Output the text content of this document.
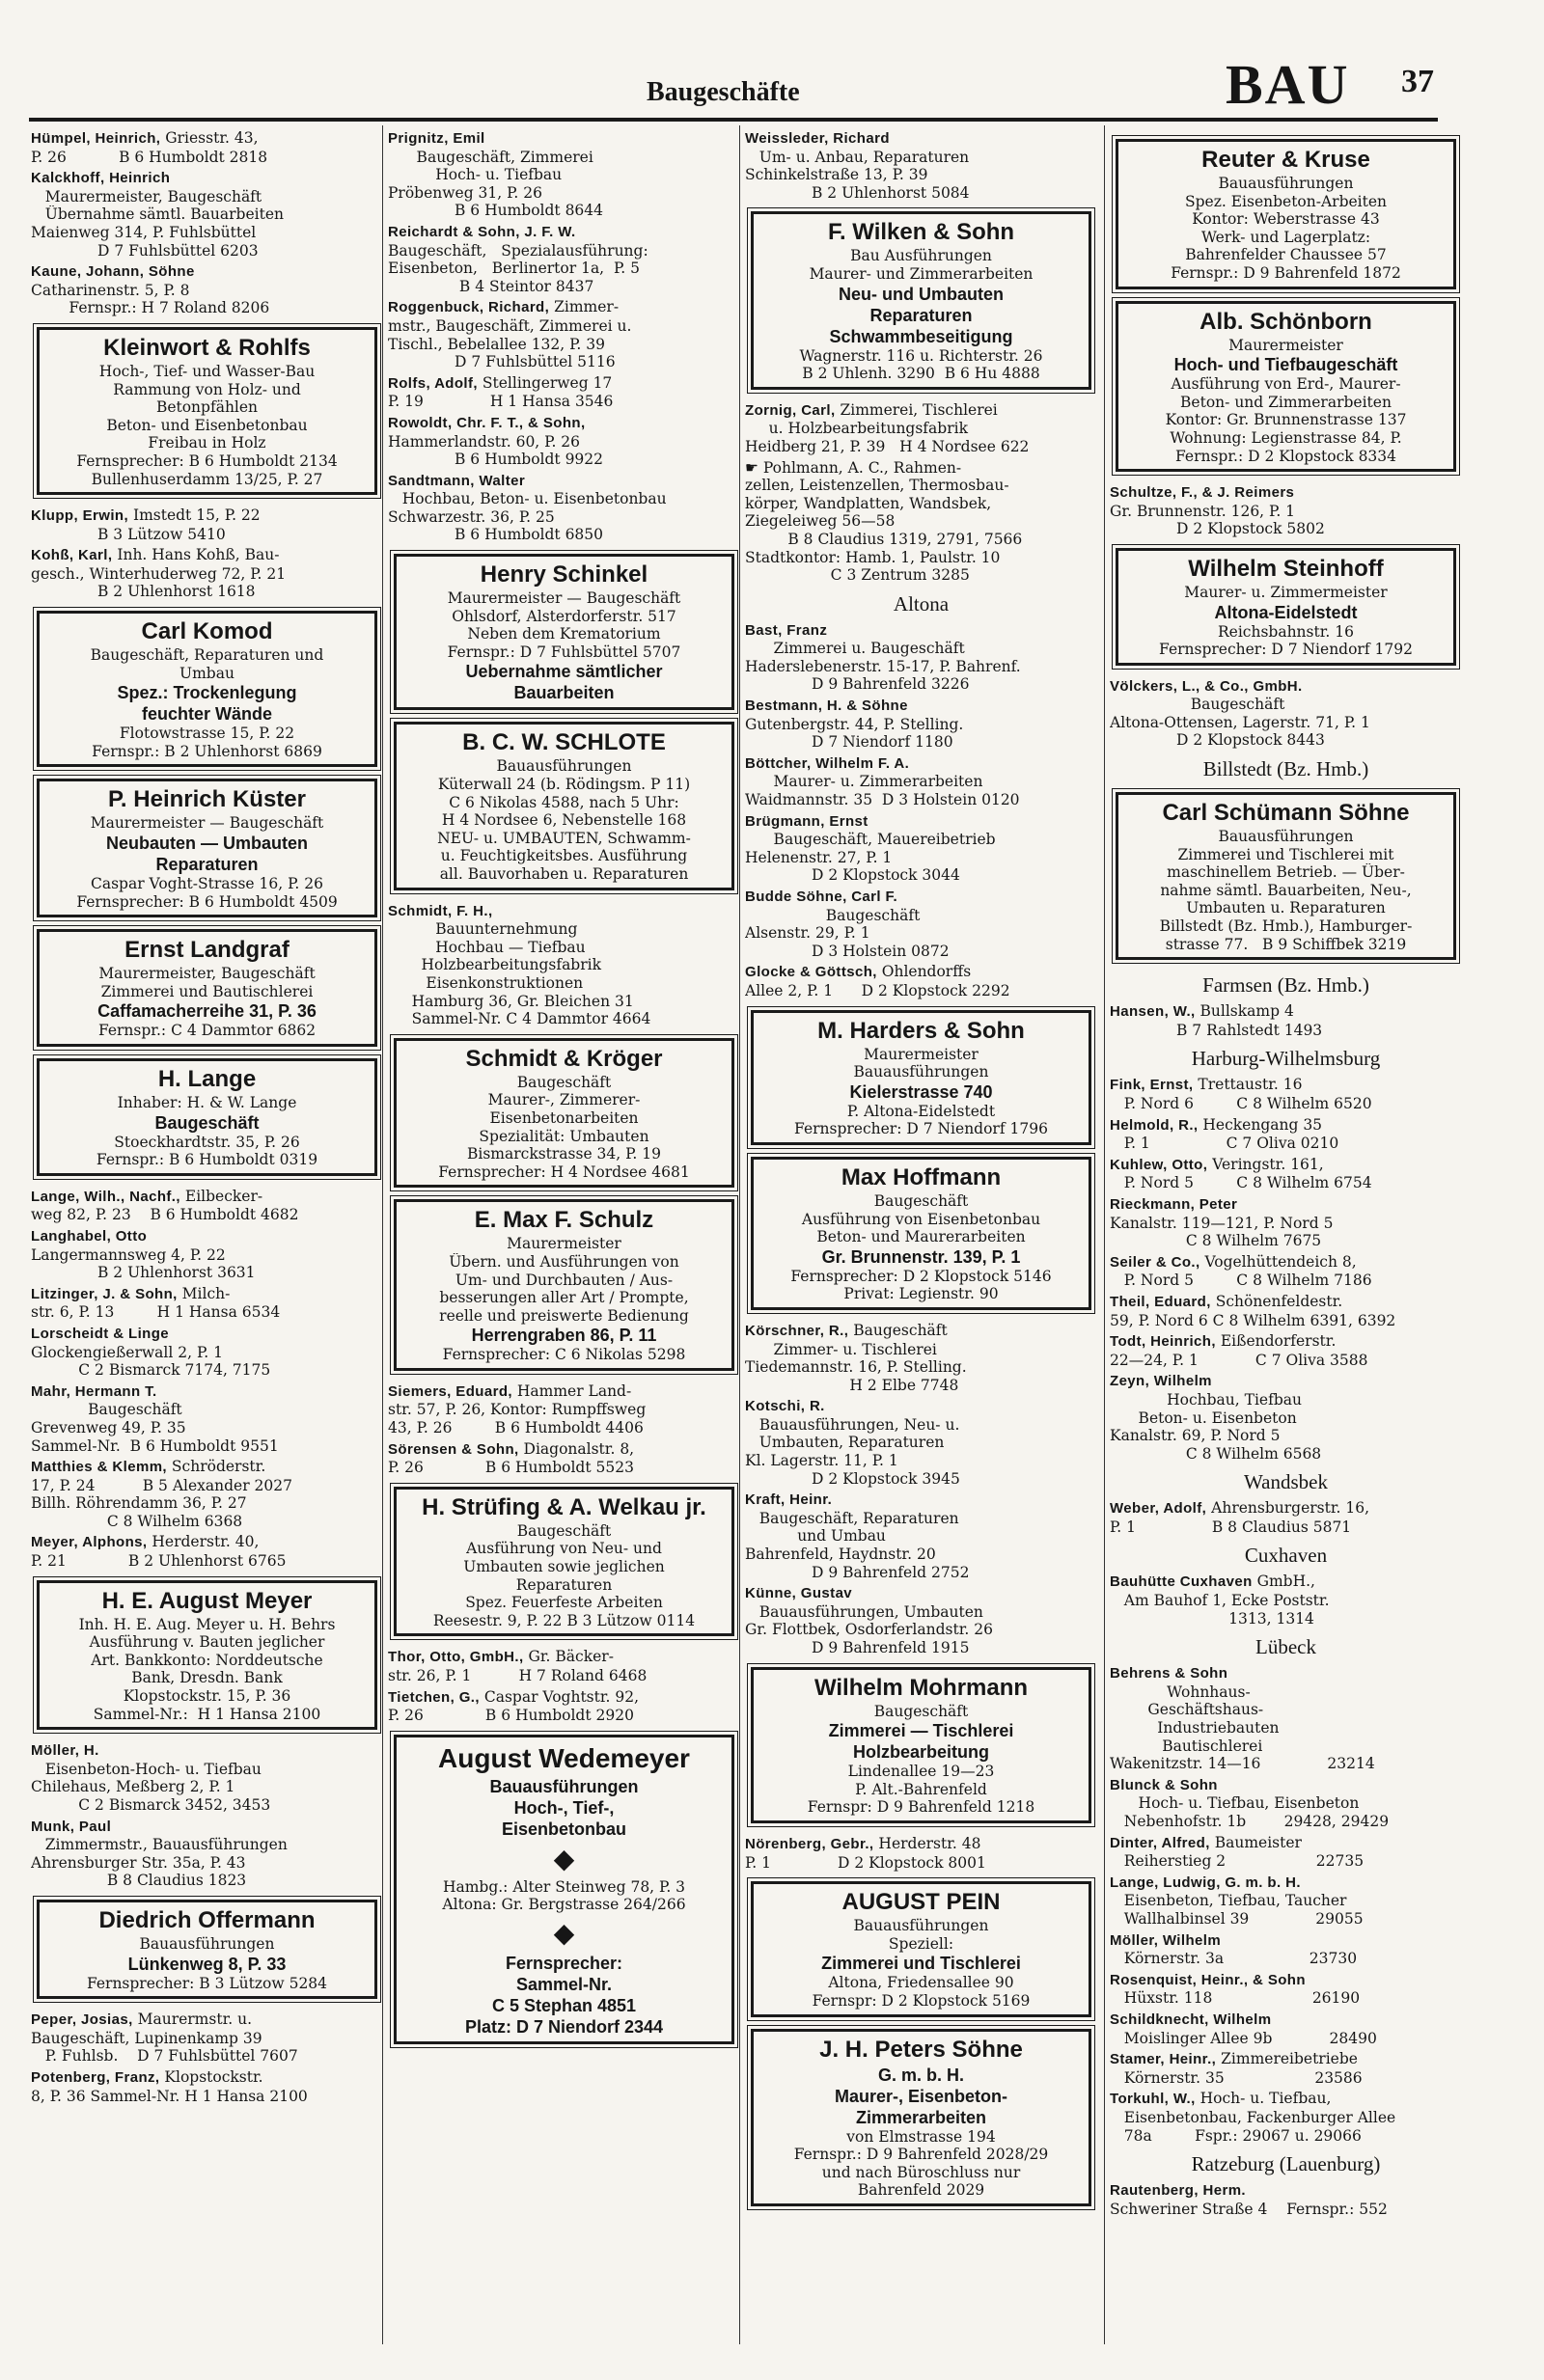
Baugeschäfte	BAU 37
Hümpel, Heinrich, Griesstr. 43,
P. 26           B 6 Humboldt 2818
Kalckhoff, Heinrich
Maurermeister, Baugeschäft
Übernahme sämtl. Bauarbeiten
Maienweg 314, P. Fuhlsbüttel
D 7 Fuhlsbüttel 6203
Kaune, Johann, Söhne
Catharinenstr. 5, P. 8
Fernspr.: H 7 Roland 8206
Kleinwort & Rohlfs
Hoch-, Tief- und Wasser-Bau
Rammung von Holz- und
Betonpfählen
Beton- und Eisenbetonbau
Freibau in Holz
Fernsprecher: B 6 Humboldt 2134
Bullenhuserdamm 13/25, P. 27
Klupp, Erwin, Imstedt 15, P. 22
B 3 Lützow 5410
Kohß, Karl, Inh. Hans Kohß, Bau-
gesch., Winterhuderweg 72, P. 21
B 2 Uhlenhorst 1618
Carl Komod
Baugeschäft, Reparaturen und
Umbau
Spez.: Trockenlegung
feuchter Wände
Flotowstrasse 15, P. 22
Fernspr.: B 2 Uhlenhorst 6869
P. Heinrich Küster
Maurermeister — Baugeschäft
Neubauten — Umbauten
Reparaturen
Caspar Voght-Strasse 16, P. 26
Fernsprecher: B 6 Humboldt 4509
Ernst Landgraf
Maurermeister, Baugeschäft
Zimmerei und Bautischlerei
Caffamacherreihe 31, P. 36
Fernspr.: C 4 Dammtor 6862
H. Lange
Inhaber: H. & W. Lange
Baugeschäft
Stoeckhardtstr. 35, P. 26
Fernspr.: B 6 Humboldt 0319
Lange, Wilh., Nachf., Eilbecker-
weg 82, P. 23    B 6 Humboldt 4682
Langhabel, Otto
Langermannsweg 4, P. 22
B 2 Uhlenhorst 3631
Litzinger, J. & Sohn, Milch-
str. 6, P. 13         H 1 Hansa 6534
Lorscheidt & Linge
Glockengießerwall 2, P. 1
C 2 Bismarck 7174, 7175
Mahr, Hermann T.
Baugeschäft
Grevenweg 49, P. 35
Sammel-Nr.  B 6 Humboldt 9551
Matthies & Klemm, Schröderstr.
17, P. 24          B 5 Alexander 2027
Billh. Röhrendamm 36, P. 27
C 8 Wilhelm 6368
Meyer, Alphons, Herderstr. 40,
P. 21             B 2 Uhlenhorst 6765
H. E. August Meyer
Inh. H. E. Aug. Meyer u. H. Behrs
Ausführung v. Bauten jeglicher
Art. Bankkonto: Norddeutsche
Bank, Dresdn. Bank
Klopstockstr. 15, P. 36
Sammel-Nr.:  H 1 Hansa 2100
Möller, H.
Eisenbeton-Hoch- u. Tiefbau
Chilehaus, Meßberg 2, P. 1
C 2 Bismarck 3452, 3453
Munk, Paul
Zimmermstr., Bauausführungen
Ahrensburger Str. 35a, P. 43
B 8 Claudius 1823
Diedrich Offermann
Bauausführungen
Lünkenweg 8, P. 33
Fernsprecher: B 3 Lützow 5284
Peper, Josias, Maurermstr. u.
Baugeschäft, Lupinenkamp 39
P. Fuhlsb.    D 7 Fuhlsbüttel 7607
Potenberg, Franz, Klopstockstr.
8, P. 36 Sammel-Nr. H 1 Hansa 2100
Prignitz, Emil
Baugeschäft, Zimmerei
Hoch- u. Tiefbau
Pröbenweg 31, P. 26
B 6 Humboldt 8644
Reichardt & Sohn, J. F. W.
Baugeschäft,   Spezialausführung:
Eisenbeton,   Berlinertor 1a,  P. 5
B 4 Steintor 8437
Roggenbuck, Richard, Zimmer-
mstr., Baugeschäft, Zimmerei u.
Tischl., Bebelallee 132, P. 39
D 7 Fuhlsbüttel 5116
Rolfs, Adolf, Stellingerweg 17
P. 19              H 1 Hansa 3546
Rowoldt, Chr. F. T., & Sohn,
Hammerlandstr. 60, P. 26
B 6 Humboldt 9922
Sandtmann, Walter
Hochbau, Beton- u. Eisenbetonbau
Schwarzestr. 36, P. 25
B 6 Humboldt 6850
Henry Schinkel
Maurermeister — Baugeschäft
Ohlsdorf, Alsterdorferstr. 517
Neben dem Krematorium
Fernspr.: D 7 Fuhlsbüttel 5707
Uebernahme sämtlicher
Bauarbeiten
B. C. W. SCHLOTE
Bauausführungen
Küterwall 24 (b. Rödingsm. P 11)
C 6 Nikolas 4588, nach 5 Uhr:
H 4 Nordsee 6, Nebenstelle 168
NEU- u. UMBAUTEN, Schwamm-
u. Feuchtigkeitsbes. Ausführung
all. Bauvorhaben u. Reparaturen
Schmidt, F. H.,
Bauunternehmung
Hochbau — Tiefbau
Holzbearbeitungsfabrik
Eisenkonstruktionen
Hamburg 36, Gr. Bleichen 31
Sammel-Nr. C 4 Dammtor 4664
Schmidt & Kröger
Baugeschäft
Maurer-, Zimmerer-
Eisenbetonarbeiten
Spezialität: Umbauten
Bismarckstrasse 34, P. 19
Fernsprecher: H 4 Nordsee 4681
E. Max F. Schulz
Maurermeister
Übern. und Ausführungen von
Um- und Durchbauten / Aus-
besserungen aller Art / Prompte,
reelle und preiswerte Bedienung
Herrengraben 86, P. 11
Fernsprecher: C 6 Nikolas 5298
Siemers, Eduard, Hammer Land-
str. 57, P. 26, Kontor: Rumpffsweg
43, P. 26         B 6 Humboldt 4406
Sörensen & Sohn, Diagonalstr. 8,
P. 26             B 6 Humboldt 5523
H. Strüfing & A. Welkau jr.
Baugeschäft
Ausführung von Neu- und
Umbauten sowie jeglichen
Reparaturen
Spez. Feuerfeste Arbeiten
Reesestr. 9, P. 22 B 3 Lützow 0114
Thor, Otto, GmbH., Gr. Bäcker-
str. 26, P. 1          H 7 Roland 6468
Tietchen, G., Caspar Voghtstr. 92,
P. 26             B 6 Humboldt 2920
August Wedemeyer
Bauausführungen
Hoch-, Tief-,
Eisenbetonbau
◆
Hambg.: Alter Steinweg 78, P. 3
Altona: Gr. Bergstrasse 264/266
◆
Fernsprecher:
Sammel-Nr.
C 5 Stephan 4851
Platz: D 7 Niendorf 2344
Weissleder, Richard
Um- u. Anbau, Reparaturen
Schinkelstraße 13, P. 39
B 2 Uhlenhorst 5084
F. Wilken & Sohn
Bau Ausführungen
Maurer- und Zimmerarbeiten
Neu- und Umbauten
Reparaturen
Schwammbeseitigung
Wagnerstr. 116 u. Richterstr. 26
B 2 Uhlenh. 3290  B 6 Hu 4888
Zornig, Carl, Zimmerei, Tischlerei
u. Holzbearbeitungsfabrik
Heidberg 21, P. 39   H 4 Nordsee 622
☛ Pohlmann, A. C., Rahmen-
zellen, Leistenzellen, Thermosbau-
körper, Wandplatten, Wandsbek,
Ziegeleiweg 56—58
B 8 Claudius 1319, 2791, 7566
Stadtkontor: Hamb. 1, Paulstr. 10
C 3 Zentrum 3285
Altona
Bast, Franz
Zimmerei u. Baugeschäft
Haderslebenerstr. 15-17, P. Bahrenf.
D 9 Bahrenfeld 3226
Bestmann, H. & Söhne
Gutenbergstr. 44, P. Stelling.
D 7 Niendorf 1180
Böttcher, Wilhelm F. A.
Maurer- u. Zimmerarbeiten
Waidmannstr. 35  D 3 Holstein 0120
Brügmann, Ernst
Baugeschäft, Mauereibetrieb
Helenenstr. 27, P. 1
D 2 Klopstock 3044
Budde Söhne, Carl F.
Baugeschäft
Alsenstr. 29, P. 1
D 3 Holstein 0872
Glocke & Göttsch, Ohlendorffs
Allee 2, P. 1      D 2 Klopstock 2292
M. Harders & Sohn
Maurermeister
Bauausführungen
Kielerstrasse 740
P. Altona-Eidelstedt
Fernsprecher: D 7 Niendorf 1796
Max Hoffmann
Baugeschäft
Ausführung von Eisenbetonbau
Beton- und Maurerarbeiten
Gr. Brunnenstr. 139, P. 1
Fernsprecher: D 2 Klopstock 5146
Privat: Legienstr. 90
Körschner, R., Baugeschäft
Zimmer- u. Tischlerei
Tiedemannstr. 16, P. Stelling.
H 2 Elbe 7748
Kotschi, R.
Bauausführungen, Neu- u.
Umbauten, Reparaturen
Kl. Lagerstr. 11, P. 1
D 2 Klopstock 3945
Kraft, Heinr.
Baugeschäft, Reparaturen
und Umbau
Bahrenfeld, Haydnstr. 20
D 9 Bahrenfeld 2752
Künne, Gustav
Bauausführungen, Umbauten
Gr. Flottbek, Osdorferlandstr. 26
D 9 Bahrenfeld 1915
Wilhelm Mohrmann
Baugeschäft
Zimmerei — Tischlerei
Holzbearbeitung
Lindenallee 19—23
P. Alt.-Bahrenfeld
Fernspr: D 9 Bahrenfeld 1218
Nörenberg, Gebr., Herderstr. 48
P. 1              D 2 Klopstock 8001
AUGUST PEIN
Bauausführungen
Speziell:
Zimmerei und Tischlerei
Altona, Friedensallee 90
Fernspr: D 2 Klopstock 5169
J. H. Peters Söhne
G. m. b. H.
Maurer-, Eisenbeton-
Zimmerarbeiten
von Elmstrasse 194
Fernspr.: D 9 Bahrenfeld 2028/29
und nach Büroschluss nur
Bahrenfeld 2029
Reuter & Kruse
Bauausführungen
Spez. Eisenbeton-Arbeiten
Kontor: Weberstrasse 43
Werk- und Lagerplatz:
Bahrenfelder Chaussee 57
Fernspr.: D 9 Bahrenfeld 1872
Alb. Schönborn
Maurermeister
Hoch- und Tiefbaugeschäft
Ausführung von Erd-, Maurer-
Beton- und Zimmerarbeiten
Kontor: Gr. Brunnenstrasse 137
Wohnung: Legienstrasse 84, P.
Fernspr.: D 2 Klopstock 8334
Schultze, F., & J. Reimers
Gr. Brunnenstr. 126, P. 1
D 2 Klopstock 5802
Wilhelm Steinhoff
Maurer- u. Zimmermeister
Altona-Eidelstedt
Reichsbahnstr. 16
Fernsprecher: D 7 Niendorf 1792
Völckers, L., & Co., GmbH.
Baugeschäft
Altona-Ottensen, Lagerstr. 71, P. 1
D 2 Klopstock 8443
Billstedt (Bz. Hmb.)
Carl Schümann Söhne
Bauausführungen
Zimmerei und Tischlerei mit
maschinellem Betrieb. — Über-
nahme sämtl. Bauarbeiten, Neu-,
Umbauten u. Reparaturen
Billstedt (Bz. Hmb.), Hamburger-
strasse 77.   B 9 Schiffbek 3219
Farmsen (Bz. Hmb.)
Hansen, W., Bullskamp 4
B 7 Rahlstedt 1493
Harburg-Wilhelmsburg
Fink, Ernst, Trettaustr. 16
P. Nord 6         C 8 Wilhelm 6520
Helmold, R., Heckengang 35
P. 1                C 7 Oliva 0210
Kuhlew, Otto, Veringstr. 161,
P. Nord 5         C 8 Wilhelm 6754
Rieckmann, Peter
Kanalstr. 119—121, P. Nord 5
C 8 Wilhelm 7675
Seiler & Co., Vogelhüttendeich 8,
P. Nord 5         C 8 Wilhelm 7186
Theil, Eduard, Schönenfeldestr.
59, P. Nord 6 C 8 Wilhelm 6391, 6392
Todt, Heinrich, Eißendorferstr.
22—24, P. 1            C 7 Oliva 3588
Zeyn, Wilhelm
Hochbau, Tiefbau
Beton- u. Eisenbeton
Kanalstr. 69, P. Nord 5
C 8 Wilhelm 6568
Wandsbek
Weber, Adolf, Ahrensburgerstr. 16,
P. 1                B 8 Claudius 5871
Cuxhaven
Bauhütte Cuxhaven GmbH.,
Am Bauhof 1, Ecke Poststr.
1313, 1314
Lübeck
Behrens & Sohn
Wohnhaus-
Geschäftshaus-
Industriebauten
Bautischlerei
Wakenitzstr. 14—16              23214
Blunck & Sohn
Hoch- u. Tiefbau, Eisenbeton
Nebenhofstr. 1b        29428, 29429
Dinter, Alfred, Baumeister
Reiherstieg 2                   22735
Lange, Ludwig, G. m. b. H.
Eisenbeton, Tiefbau, Taucher
Wallhalbinsel 39              29055
Möller, Wilhelm
Körnerstr. 3a                  23730
Rosenquist, Heinr., & Sohn
Hüxstr. 118                     26190
Schildknecht, Wilhelm
Moislinger Allee 9b            28490
Stamer, Heinr., Zimmereibetriebe
Körnerstr. 35                   23586
Torkuhl, W., Hoch- u. Tiefbau,
Eisenbetonbau, Fackenburger Allee
78a         Fspr.: 29067 u. 29066
Ratzeburg (Lauenburg)
Rautenberg, Herm.
Schweriner Straße 4    Fernspr.: 552
